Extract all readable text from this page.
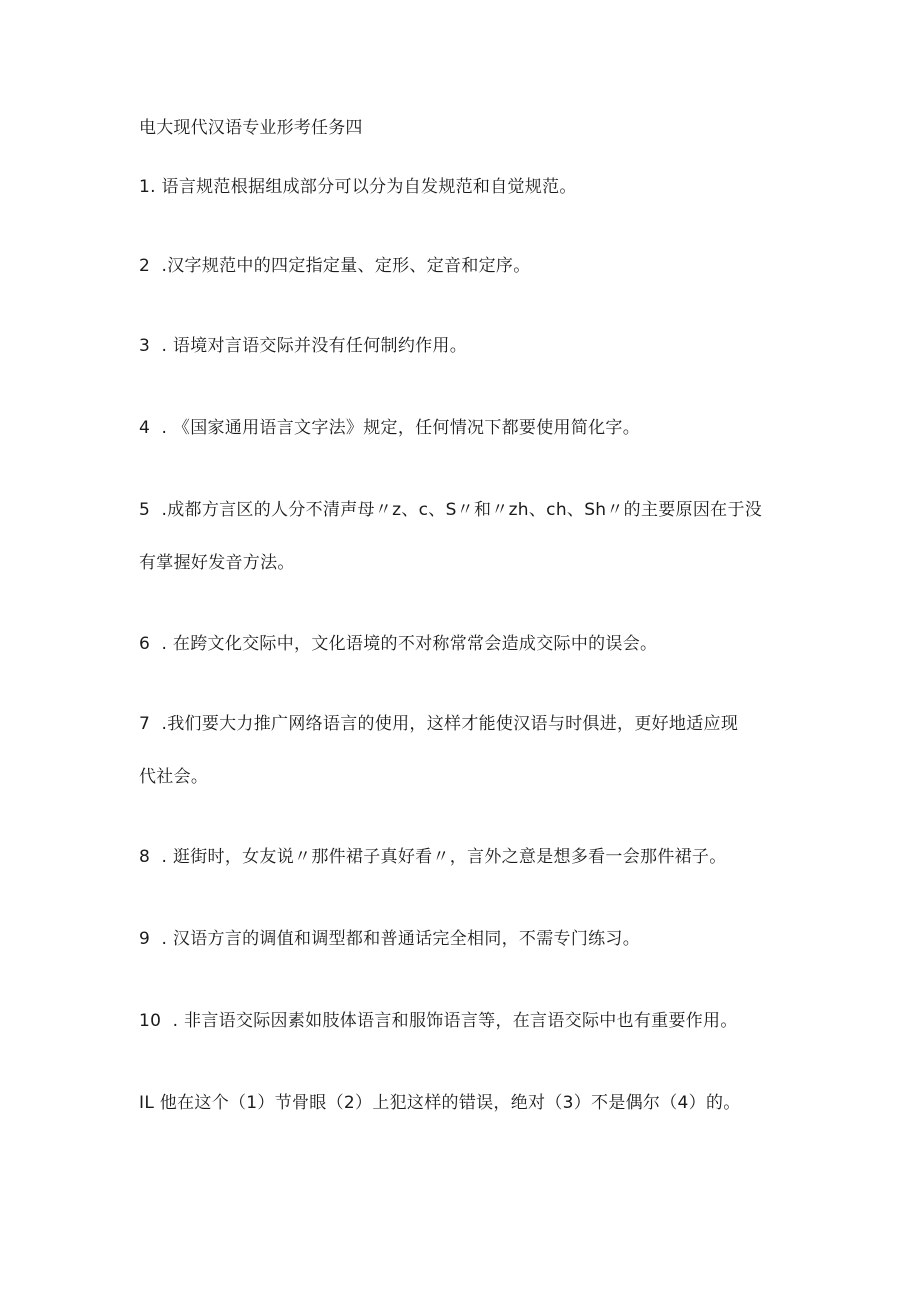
电大现代汉语专业形考任务四
1. 语言规范根据组成部分可以分为自发规范和自觉规范。
2  .汉字规范中的四定指定量、定形、定音和定序。
3  . 语境对言语交际并没有任何制约作用。
4  . 《国家通用语言文字法》规定，任何情况下都要使用简化字。
5  .成都方言区的人分不清声母〃z、c、S〃和〃zh、ch、Sh〃的主要原因在于没
有掌握好发音方法。
6  . 在跨文化交际中，文化语境的不对称常常会造成交际中的误会。
7  .我们要大力推广网络语言的使用，这样才能使汉语与时俱进，更好地适应现
代社会。
8  . 逛街时，女友说〃那件裙子真好看〃，言外之意是想多看一会那件裙子。
9  . 汉语方言的调值和调型都和普通话完全相同，不需专门练习。
10  . 非言语交际因素如肢体语言和服饰语言等，在言语交际中也有重要作用。
IL 他在这个（1）节骨眼（2）上犯这样的错误，绝对（3）不是偶尔（4）的。
